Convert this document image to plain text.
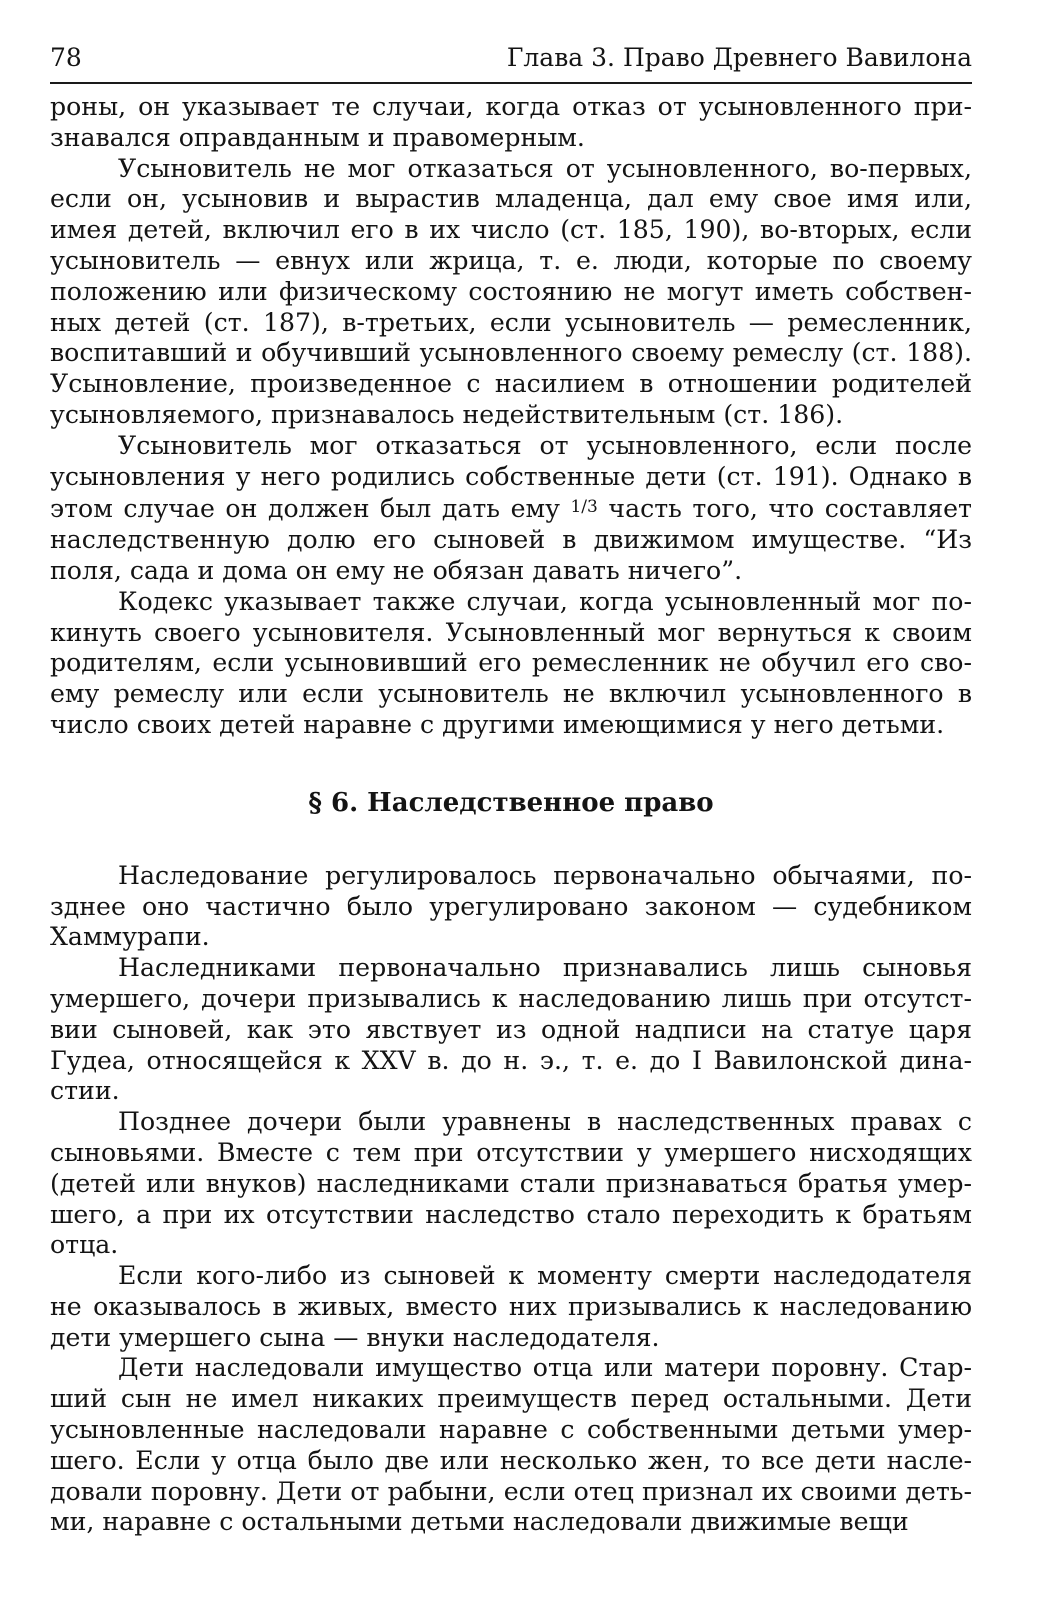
78	Глава 3. Право Древнего Вавилона

роны, он указывает те случаи, когда отказ от усыновленного признавался оправданным и правомерным.

Усыновитель не мог отказаться от усыновленного, во-первых, если он, усыновив и вырастив младенца, дал ему свое имя или, имея детей, включил его в их число (ст. 185, 190), во-вторых, если усыновитель — евнух или жрица, т. е. люди, которые по своему положению или физическому состоянию не могут иметь собственных детей (ст. 187), в-третьих, если усыновитель — ремесленник, воспитавший и обучивший усыновленного своему ремеслу (ст. 188). Усыновление, произведенное с насилием в отношении родителей усыновляемого, признавалось недействительным (ст. 186).

Усыновитель мог отказаться от усыновленного, если после усыновления у него родились собственные дети (ст. 191). Однако в этом случае он должен был дать ему 1/3 часть того, что составляет наследственную долю его сыновей в движимом имуществе. “Из поля, сада и дома он ему не обязан давать ничего”.

Кодекс указывает также случаи, когда усыновленный мог покинуть своего усыновителя. Усыновленный мог вернуться к своим родителям, если усыновивший его ремесленник не обучил его своему ремеслу или если усыновитель не включил усыновленного в число своих детей наравне с другими имеющимися у него детьми.

§ 6. Наследственное право

Наследование регулировалось первоначально обычаями, позднее оно частично было урегулировано законом — судебником Хаммурапи.

Наследниками первоначально признавались лишь сыновья умершего, дочери призывались к наследованию лишь при отсутствии сыновей, как это явствует из одной надписи на статуе царя Гудеа, относящейся к XXV в. до н. э., т. е. до I Вавилонской династии.

Позднее дочери были уравнены в наследственных правах с сыновьями. Вместе с тем при отсутствии у умершего нисходящих (детей или внуков) наследниками стали признаваться братья умершего, а при их отсутствии наследство стало переходить к братьям отца.

Если кого-либо из сыновей к моменту смерти наследодателя не оказывалось в живых, вместо них призывались к наследованию дети умершего сына — внуки наследодателя.

Дети наследовали имущество отца или матери поровну. Старший сын не имел никаких преимуществ перед остальными. Дети усыновленные наследовали наравне с собственными детьми умершего. Если у отца было две или несколько жен, то все дети наследовали поровну. Дети от рабыни, если отец признал их своими детьми, наравне с остальными детьми наследовали движимые вещи
